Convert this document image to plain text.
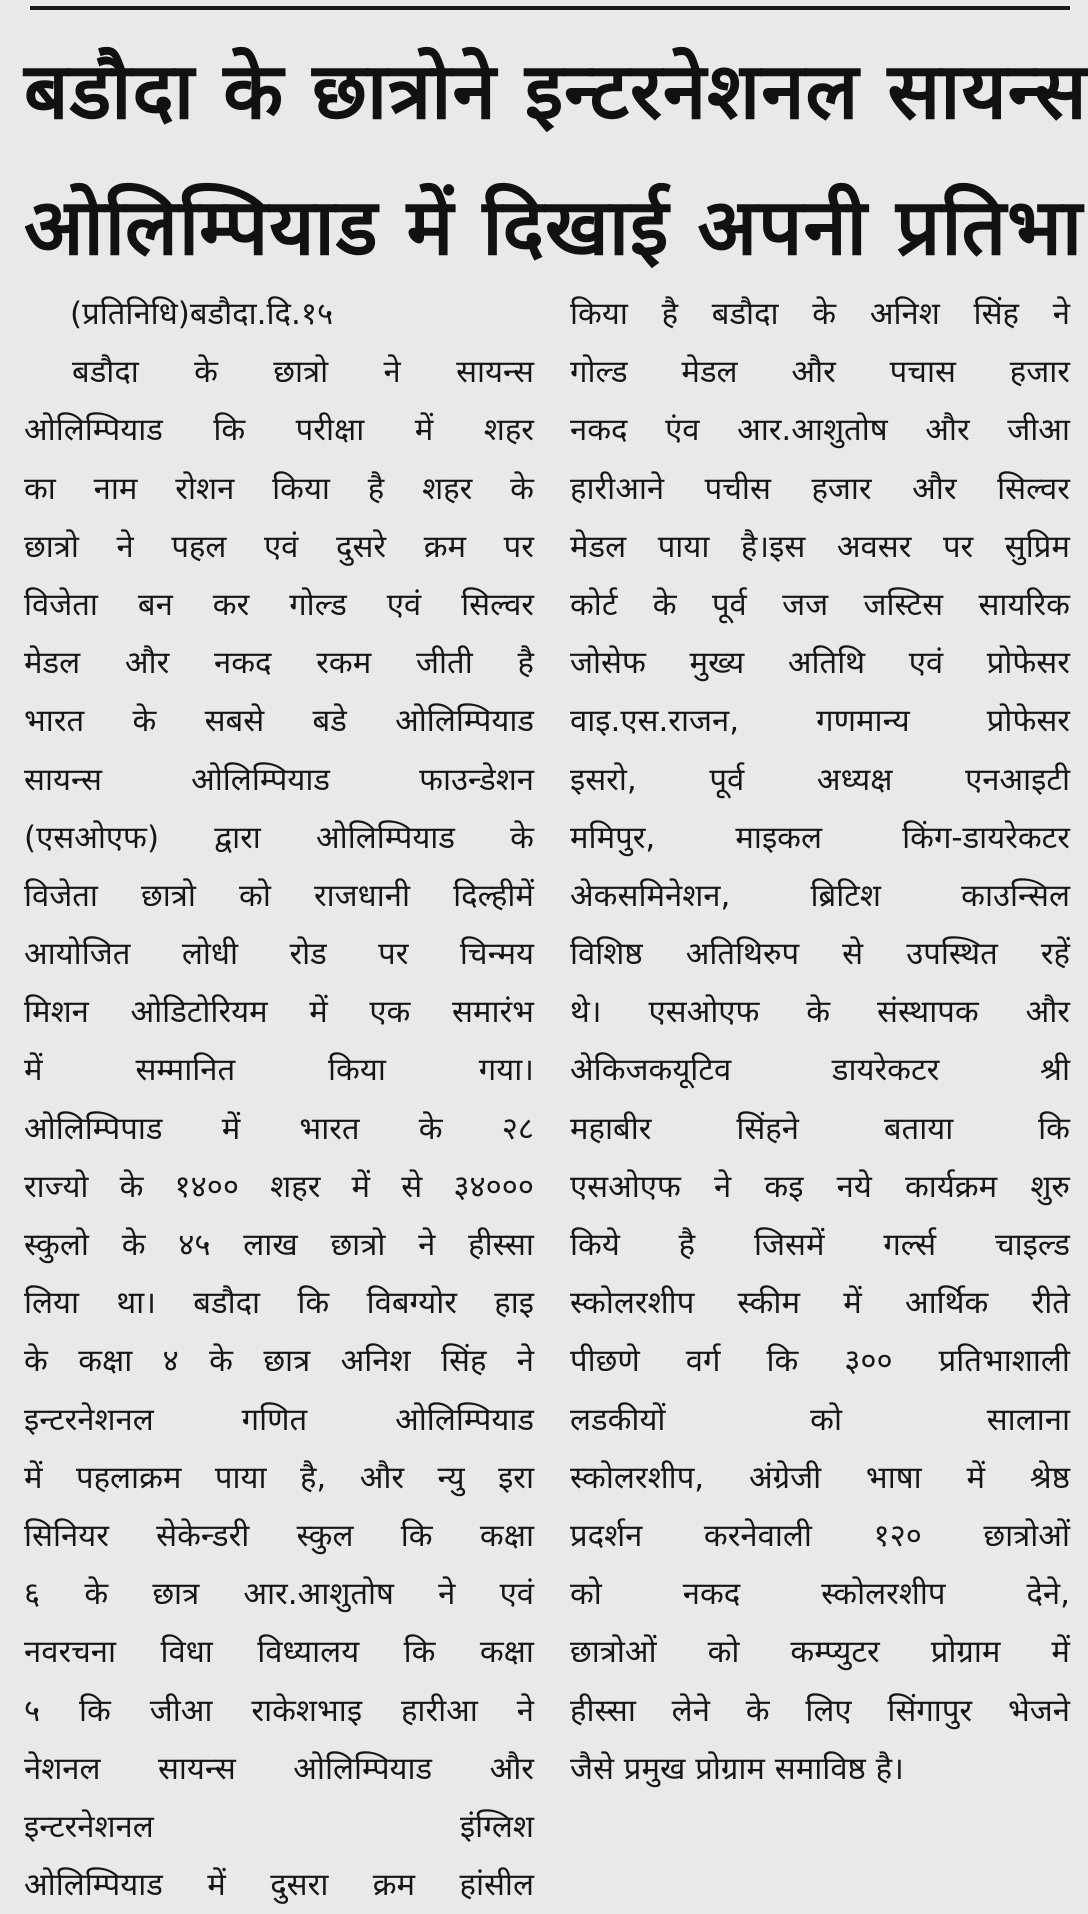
बडौदा के छात्रोने इन्टरनेशनल सायन्स
ओलिम्पियाड में दिखाई अपनी प्रतिभा
(प्रतिनिधि)बडौदा.दि.१५
बडौदा के छात्रो ने सायन्स
ओलिम्पियाड कि परीक्षा में शहर
का नाम रोशन किया है शहर के
छात्रो ने पहल एवं दुसरे क्रम पर
विजेता बन कर गोल्ड एवं सिल्वर
मेडल और नकद रकम जीती है
भारत के सबसे बडे ओलिम्पियाड
सायन्स	ओलिम्पियाड	फाउन्डेशन
(एसओएफ) द्वारा ओलिम्पियाड के
विजेता छात्रो को राजधानी दिल्हीमें
आयोजित लोधी रोड पर चिन्मय
मिशन ओडिटोरियम में एक समारंभ
में	सम्मानित	किया	गया।
ओलिम्पिपाड में भारत के २८
राज्यो के १४०० शहर में से ३४०००
स्कुलो के ४५ लाख छात्रो ने हीस्सा
लिया था। बडौदा कि विबग्योर हाइ
के कक्षा ४ के छात्र अनिश सिंह ने
इन्टरनेशनल	गणित	ओलिम्पियाड
में पहलाक्रम पाया है, और न्यु इरा
सिनियर सेकेन्डरी स्कुल कि कक्षा
६ के छात्र आर.आशुतोष ने एवं
नवरचना विधा विध्यालय कि कक्षा
५ कि जीआ राकेशभाइ हारीआ ने
नेशनल सायन्स ओलिम्पियाड और
इन्टरनेशनल	इंग्लिश
ओलिम्पियाड में दुसरा क्रम हांसील
किया है बडौदा के अनिश सिंह ने
गोल्ड मेडल और पचास हजार
नकद एंव आर.आशुतोष और जीआ
हारीआने पचीस हजार और सिल्वर
मेडल पाया है।इस अवसर पर सुप्रिम
कोर्ट के पूर्व जज जस्टिस सायरिक
जोसेफ मुख्य अतिथि एवं प्रोफेसर
वाइ.एस.राजन, गणमान्य प्रोफेसर
इसरो, पूर्व अध्यक्ष एनआइटी
ममिपुर,	माइकल	किंग-डायरेकटर
अेकसमिनेशन,	ब्रिटिश	काउन्सिल
विशिष्ठ अतिथिरुप से उपस्थित रहें
थे। एसओएफ के संस्थापक और
अेकिजकयूटिव	डायरेकटर	श्री
महाबीर	सिंहने	बताया	कि
एसओएफ ने कइ नये कार्यक्रम शुरु
किये है जिसमें गर्ल्स चाइल्ड
स्कोलरशीप स्कीम में आर्थिक रीते
पीछणे वर्ग कि ३०० प्रतिभाशाली
लडकीयों	को	सालाना
स्कोलरशीप, अंग्रेजी भाषा में श्रेष्ठ
प्रदर्शन करनेवाली १२० छात्रोओं
को	नकद	स्कोलरशीप	देने,
छात्रोओं को कम्प्युटर प्रोग्राम में
हीस्सा लेने के लिए सिंगापुर भेजने
जैसे प्रमुख प्रोग्राम समाविष्ठ है।
